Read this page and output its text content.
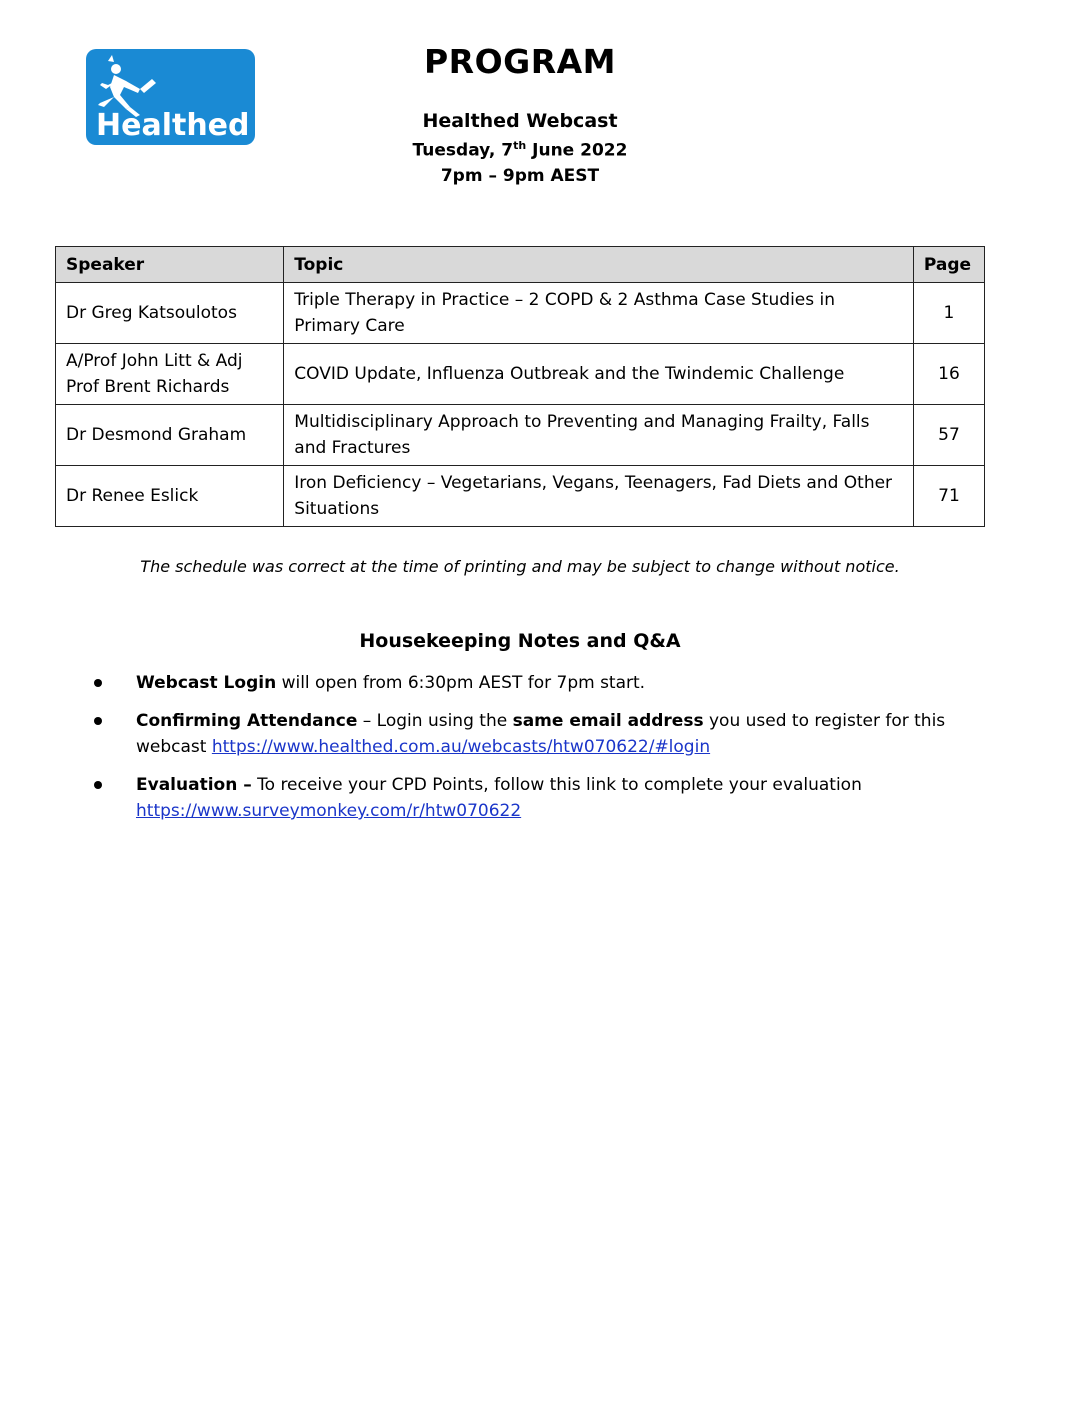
Healthed
PROGRAM
Healthed Webcast
Tuesday, 7th June 2022
7pm – 9pm AEST
Speaker	Topic	Page
Dr Greg Katsoulotos	Triple Therapy in Practice – 2 COPD & 2 Asthma Case Studies in Primary Care	1
A/Prof John Litt & Adj Prof Brent Richards	COVID Update, Influenza Outbreak and the Twindemic Challenge	16
Dr Desmond Graham	Multidisciplinary Approach to Preventing and Managing Frailty, Falls and Fractures	57
Dr Renee Eslick	Iron Deficiency – Vegetarians, Vegans, Teenagers, Fad Diets and Other Situations	71
The schedule was correct at the time of printing and may be subject to change without notice.
Housekeeping Notes and Q&A
Webcast Login will open from 6:30pm AEST for 7pm start.
Confirming Attendance – Login using the same email address you used to register for this webcast https://www.healthed.com.au/webcasts/htw070622/#login
Evaluation – To receive your CPD Points, follow this link to complete your evaluation https://www.surveymonkey.com/r/htw070622
